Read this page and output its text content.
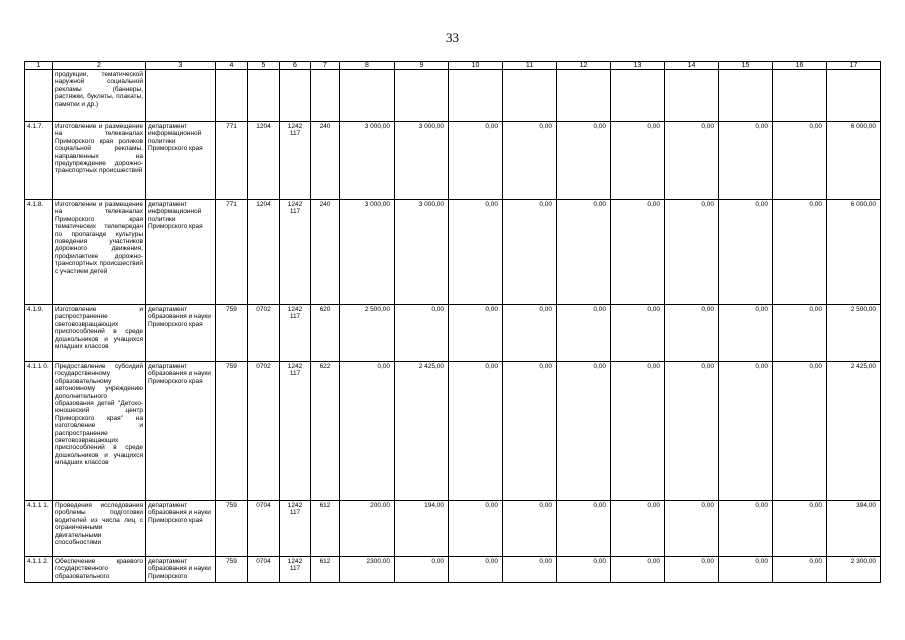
33
1	2	3	4	5	6	7	8	9	10	11	12	13	14	15	16	17
	продукции, тематической наружной социальной рекламы (баннеры, растяжки, буклеты, плакаты, памятки и др.)															
4.1.7.	Изготовление и размещение на телеканалах Приморского края роликов социальной рекламы, направленных на предупреждение дорожно-транспортных происшествий	департамент информационной политики Приморского края	771	1204	1242 117	240	3 000,00	3 000,00	0,00	0,00	0,00	0,00	0,00	0,00	0,00	6 000,00
4.1.8.	Изготовление и размещение на телеканалах Приморского края тематических телепередач по пропаганде культуры поведения участников дорожного движения, профилактике дорожно-транспортных происшествий с участием детей	департамент информационной политики Приморского края	771	1204	1242 117	240	3 000,00	3 000,00	0,00	0,00	0,00	0,00	0,00	0,00	0,00	6 000,00
4.1.9.	Изготовление и распространение световозвращающих приспособлений в среде дошкольников и учащихся младших классов	департамент образования и науки Приморского края	759	0702	1242 117	620	2 500,00	0,00	0,00	0,00	0,00	0,00	0,00	0,00	0,00	2 500,00
4.1.1 0.	Предоставление субсидий государственному образовательному автономному учреждению дополнительного образования детей "Детско-юношеский центр Приморского края" на изготовление и распространение световозвращающих приспособлений в среде дошкольников и учащихся младших классов	департамент образования и науки Приморского края	759	0702	1242 117	622	0,00	2 425,00	0,00	0,00	0,00	0,00	0,00	0,00	0,00	2 425,00
4.1.1 1.	Проведения исследования проблемы подготовки водителей из числа лиц с ограниченными двигательными способностями	департамент образования и науки Приморского края	759	0704	1242 117	612	200,00	194,00	0,00	0,00	0,00	0,00	0,00	0,00	0,00	394,00
4.1.1 2.	Обеспечение краевого государственного образовательного	департамент образования и науки Приморского	759	0704	1242 117	612	2300,00	0,00	0,00	0,00	0,00	0,00	0,00	0,00	0,00	2 300,00
